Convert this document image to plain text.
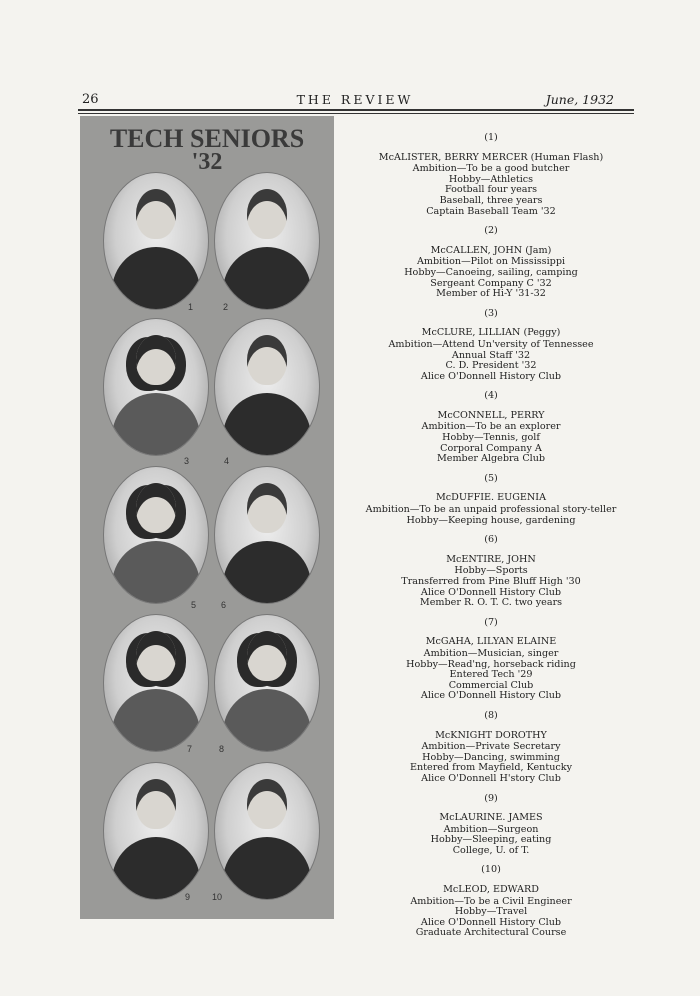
26	THE REVIEW	June, 1932
TECH SENIORS
'32
1	2
3	4
5	6
7	8
9 10
(1)
McALISTER, BERRY MERCER (Human Flash)
Ambition—To be a good butcher
Hobby—Athletics
Football four years
Baseball, three years
Captain Baseball Team '32
(2)
McCALLEN, JOHN (Jam)
Ambition—Pilot on Mississippi
Hobby—Canoeing, sailing, camping
Sergeant Company C '32
Member of Hi-Y '31-32
(3)
McCLURE, LILLIAN (Peggy)
Ambition—Attend Un'versity of Tennessee
Annual Staff '32
C. D. President '32
Alice O'Donnell History Club
(4)
McCONNELL, PERRY
Ambition—To be an explorer
Hobby—Tennis, golf
Corporal Company A
Member Algebra Club
(5)
McDUFFIE. EUGENIA
Ambition—To be an unpaid professional story-teller
Hobby—Keeping house, gardening
(6)
McENTIRE, JOHN
Hobby—Sports
Transferred from Pine Bluff High '30
Alice O'Donnell History Club
Member R. O. T. C. two years
(7)
McGAHA, LILYAN ELAINE
Ambition—Musician, singer
Hobby—Read'ng, horseback riding
Entered Tech '29
Commercial Club
Alice O'Donnell History Club
(8)
McKNIGHT DOROTHY
Ambition—Private Secretary
Hobby—Dancing, swimming
Entered from Mayfield, Kentucky
Alice O'Donnell H'story Club
(9)
McLAURINE. JAMES
Ambition—Surgeon
Hobby—Sleeping, eating
College, U. of T.
(10)
McLEOD, EDWARD
Ambition—To be a Civil Engineer
Hobby—Travel
Alice O'Donnell History Club
Graduate Architectural Course
